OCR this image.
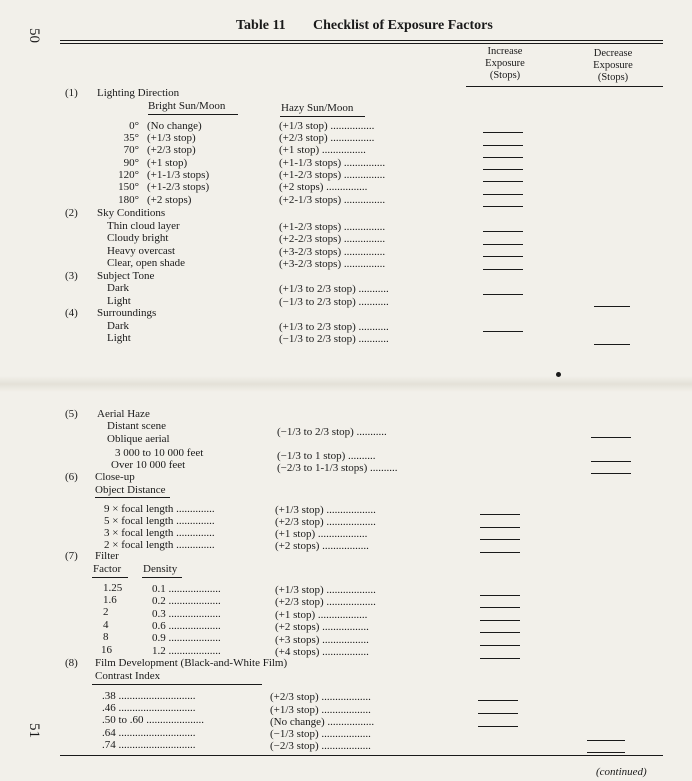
50
51
Table 11 Checklist of Exposure Factors
Increase
Exposure
(Stops)
Decrease
Exposure
(Stops)
(1) Lighting Direction
Bright Sun/Moon	Hazy Sun/Moon
0° (No change)	(+1/3 stop) ................
35° (+1/3 stop)	(+2/3 stop) ................
70° (+2/3 stop)	(+1 stop) ................
90° (+1 stop)	(+1-1/3 stops) ...............
120° (+1-1/3 stops)	(+1-2/3 stops) ...............
150° (+1-2/3 stops)	(+2 stops) ...............
180° (+2 stops)	(+2-1/3 stops) ...............
(2) Sky Conditions
Thin cloud layer	(+1-2/3 stops) ...............
Cloudy bright	(+2-2/3 stops) ...............
Heavy overcast	(+3-2/3 stops) ...............
Clear, open shade	(+3-2/3 stops) ...............
(3) Subject Tone
Dark	(+1/3 to 2/3 stop) ...........
Light	(−1/3 to 2/3 stop) ...........
(4) Surroundings
Dark	(+1/3 to 2/3 stop) ...........
Light	(−1/3 to 2/3 stop) ...........
(5) Aerial Haze
Distant scene	(−1/3 to 2/3 stop) ...........
Oblique aerial
3 000 to 10 000 feet	(−1/3 to 1 stop) ..........
Over 10 000 feet	(−2/3 to 1-1/3 stops) ..........
(6) Close-up
Object Distance
9 × focal length ..............	(+1/3 stop) ..................
5 × focal length ..............	(+2/3 stop) ..................
3 × focal length ..............	(+1 stop) ..................
2 × focal length ..............	(+2 stops) .................
(7) Filter
Factor Density
1.25	0.1 ...................	(+1/3 stop) ..................
1.6	0.2 ...................	(+2/3 stop) ..................
2	0.3 ...................	(+1 stop) ..................
4	0.6 ...................	(+2 stops) .................
8	0.9 ...................	(+3 stops) .................
16	1.2 ...................	(+4 stops) .................
(8) Film Development (Black-and-White Film)
Contrast Index
.38 ............................	(+2/3 stop) ..................
.46 ............................	(+1/3 stop) ..................
.50 to .60 .....................	(No change) .................
.64 ............................	(−1/3 stop) ..................
.74 ............................	(−2/3 stop) ..................
(continued)
